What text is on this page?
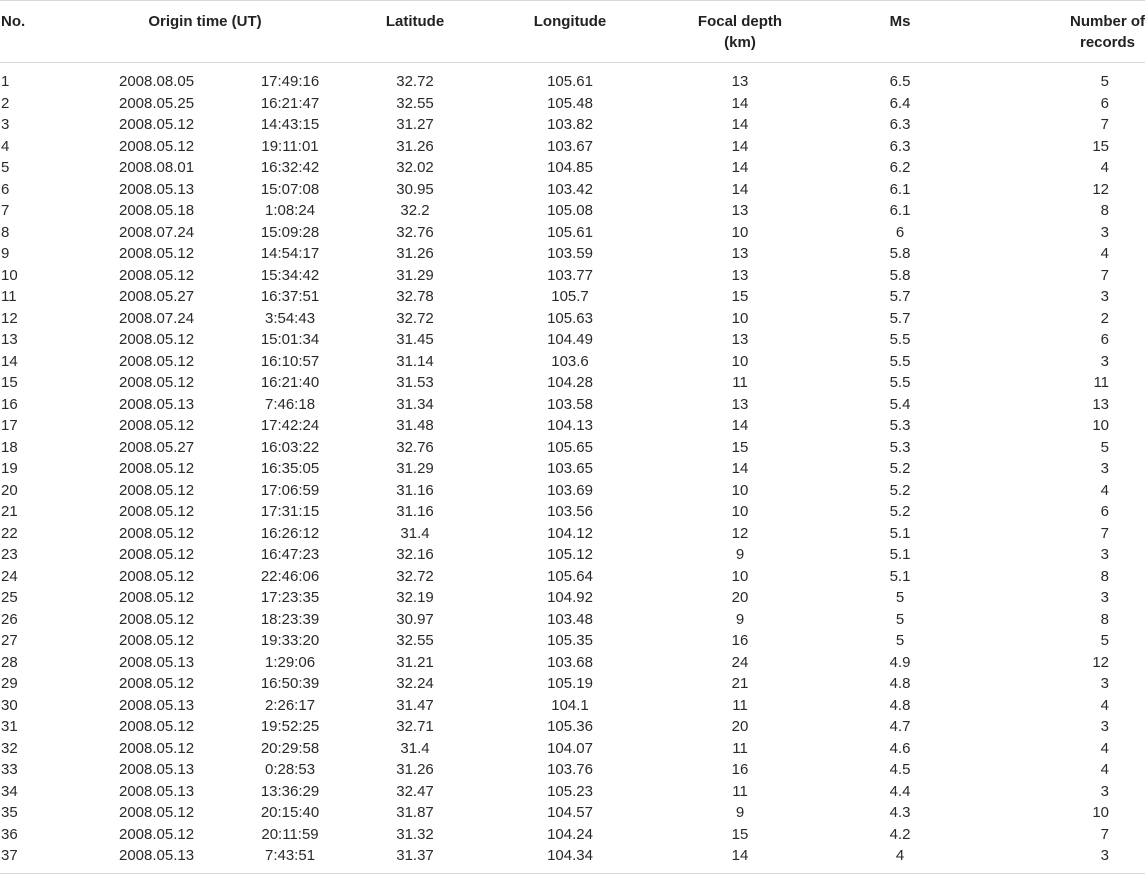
No.	Origin time (UT)		Latitude	Longitude	Focal depth
(km)	Ms	Number of
records
1	2008.08.05	17:49:16	32.72	105.61	13	6.5	5
2	2008.05.25	16:21:47	32.55	105.48	14	6.4	6
3	2008.05.12	14:43:15	31.27	103.82	14	6.3	7
4	2008.05.12	19:11:01	31.26	103.67	14	6.3	15
5	2008.08.01	16:32:42	32.02	104.85	14	6.2	4
6	2008.05.13	15:07:08	30.95	103.42	14	6.1	12
7	2008.05.18	1:08:24	32.2	105.08	13	6.1	8
8	2008.07.24	15:09:28	32.76	105.61	10	6	3
9	2008.05.12	14:54:17	31.26	103.59	13	5.8	4
10	2008.05.12	15:34:42	31.29	103.77	13	5.8	7
11	2008.05.27	16:37:51	32.78	105.7	15	5.7	3
12	2008.07.24	3:54:43	32.72	105.63	10	5.7	2
13	2008.05.12	15:01:34	31.45	104.49	13	5.5	6
14	2008.05.12	16:10:57	31.14	103.6	10	5.5	3
15	2008.05.12	16:21:40	31.53	104.28	11	5.5	11
16	2008.05.13	7:46:18	31.34	103.58	13	5.4	13
17	2008.05.12	17:42:24	31.48	104.13	14	5.3	10
18	2008.05.27	16:03:22	32.76	105.65	15	5.3	5
19	2008.05.12	16:35:05	31.29	103.65	14	5.2	3
20	2008.05.12	17:06:59	31.16	103.69	10	5.2	4
21	2008.05.12	17:31:15	31.16	103.56	10	5.2	6
22	2008.05.12	16:26:12	31.4	104.12	12	5.1	7
23	2008.05.12	16:47:23	32.16	105.12	9	5.1	3
24	2008.05.12	22:46:06	32.72	105.64	10	5.1	8
25	2008.05.12	17:23:35	32.19	104.92	20	5	3
26	2008.05.12	18:23:39	30.97	103.48	9	5	8
27	2008.05.12	19:33:20	32.55	105.35	16	5	5
28	2008.05.13	1:29:06	31.21	103.68	24	4.9	12
29	2008.05.12	16:50:39	32.24	105.19	21	4.8	3
30	2008.05.13	2:26:17	31.47	104.1	11	4.8	4
31	2008.05.12	19:52:25	32.71	105.36	20	4.7	3
32	2008.05.12	20:29:58	31.4	104.07	11	4.6	4
33	2008.05.13	0:28:53	31.26	103.76	16	4.5	4
34	2008.05.13	13:36:29	32.47	105.23	11	4.4	3
35	2008.05.12	20:15:40	31.87	104.57	9	4.3	10
36	2008.05.12	20:11:59	31.32	104.24	15	4.2	7
37	2008.05.13	7:43:51	31.37	104.34	14	4	3
